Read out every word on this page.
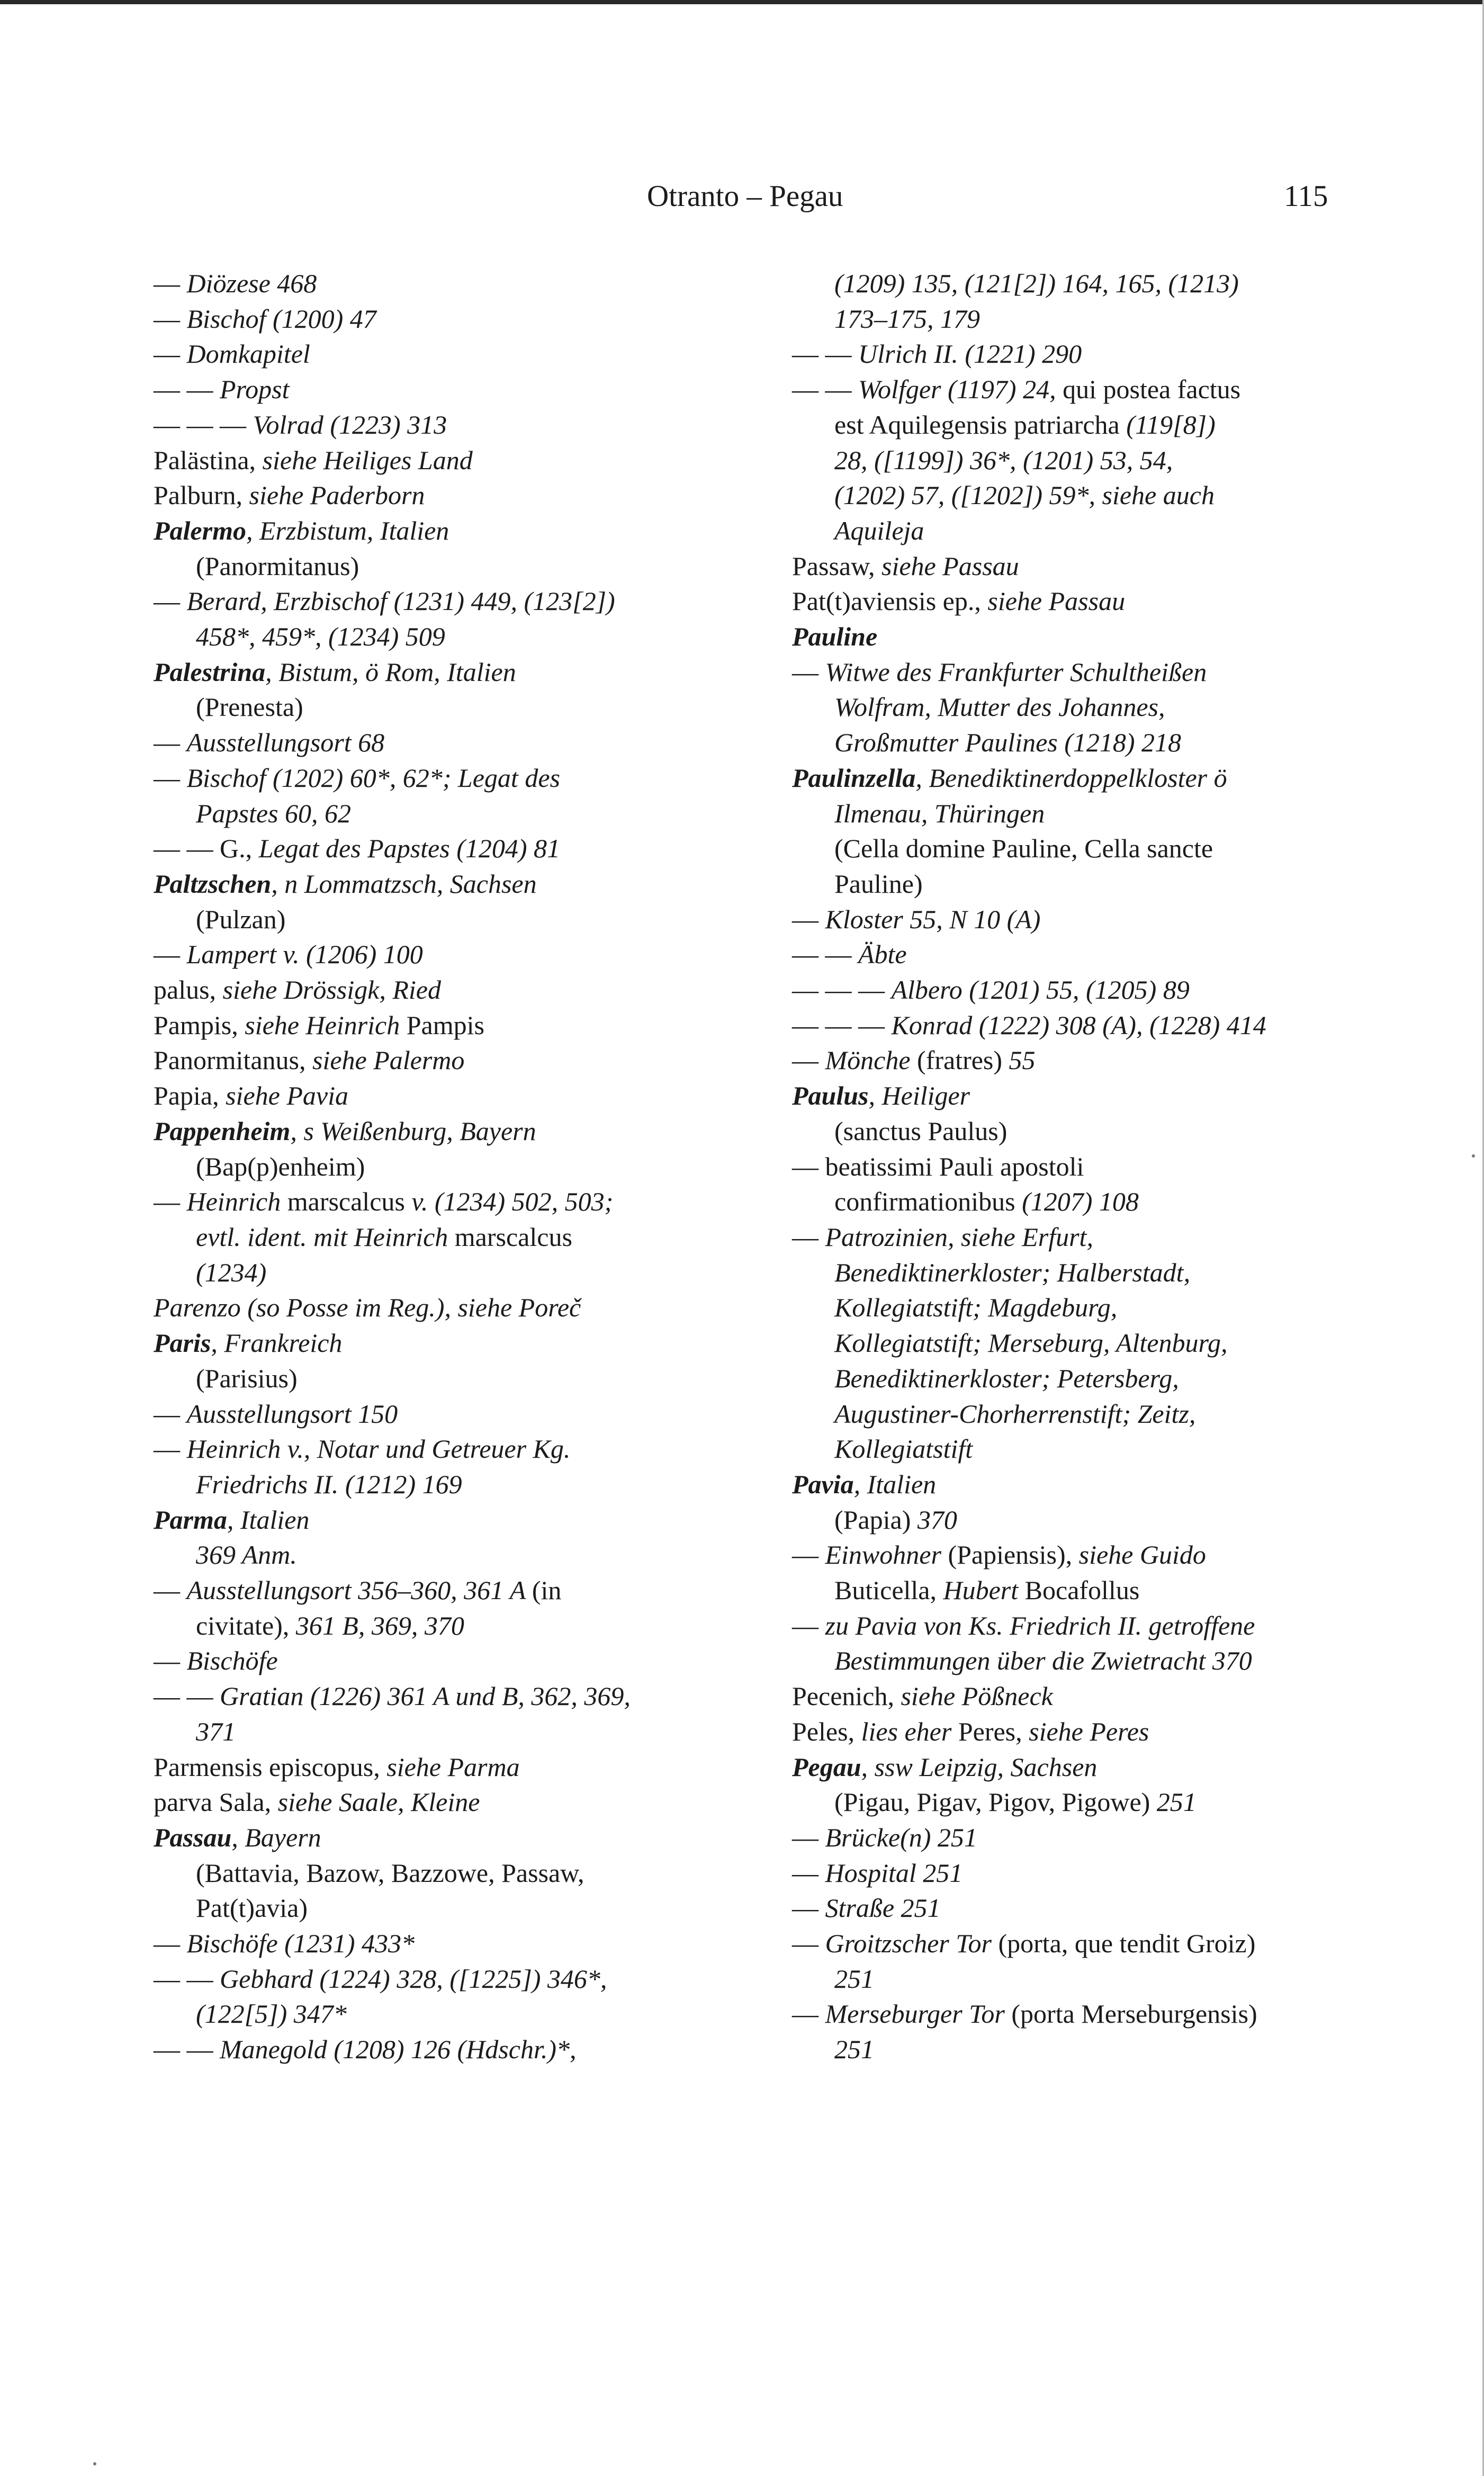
Otranto – Pegau	115
— Diözese 468
— Bischof (1200) 47
— Domkapitel
— — Propst
— — — Volrad (1223) 313
Palästina, siehe Heiliges Land
Palburn, siehe Paderborn
Palermo, Erzbistum, Italien
(Panormitanus)
— Berard, Erzbischof (1231) 449, (123[2])
458*, 459*, (1234) 509
Palestrina, Bistum, ö Rom, Italien
(Prenesta)
— Ausstellungsort 68
— Bischof (1202) 60*, 62*; Legat des
Papstes 60, 62
— — G., Legat des Papstes (1204) 81
Paltzschen, n Lommatzsch, Sachsen
(Pulzan)
— Lampert v. (1206) 100
palus, siehe Drössigk, Ried
Pampis, siehe Heinrich Pampis
Panormitanus, siehe Palermo
Papia, siehe Pavia
Pappenheim, s Weißenburg, Bayern
(Bap(p)enheim)
— Heinrich marscalcus v. (1234) 502, 503;
evtl. ident. mit Heinrich marscalcus
(1234)
Parenzo (so Posse im Reg.), siehe Poreč
Paris, Frankreich
(Parisius)
— Ausstellungsort 150
— Heinrich v., Notar und Getreuer Kg.
Friedrichs II. (1212) 169
Parma, Italien
369 Anm.
— Ausstellungsort 356–360, 361 A (in
civitate), 361 B, 369, 370
— Bischöfe
— — Gratian (1226) 361 A und B, 362, 369,
371
Parmensis episcopus, siehe Parma
parva Sala, siehe Saale, Kleine
Passau, Bayern
(Battavia, Bazow, Bazzowe, Passaw,
Pat(t)avia)
— Bischöfe (1231) 433*
— — Gebhard (1224) 328, ([1225]) 346*,
(122[5]) 347*
— — Manegold (1208) 126 (Hdschr.)*,
(1209) 135, (121[2]) 164, 165, (1213)
173–175, 179
— — Ulrich II. (1221) 290
— — Wolfger (1197) 24, qui postea factus
est Aquilegensis patriarcha (119[8])
28, ([1199]) 36*, (1201) 53, 54,
(1202) 57, ([1202]) 59*, siehe auch
Aquileja
Passaw, siehe Passau
Pat(t)aviensis ep., siehe Passau
Pauline
— Witwe des Frankfurter Schultheißen
Wolfram, Mutter des Johannes,
Großmutter Paulines (1218) 218
Paulinzella, Benediktinerdoppelkloster ö
Ilmenau, Thüringen
(Cella domine Pauline, Cella sancte
Pauline)
— Kloster 55, N 10 (A)
— — Äbte
— — — Albero (1201) 55, (1205) 89
— — — Konrad (1222) 308 (A), (1228) 414
— Mönche (fratres) 55
Paulus, Heiliger
(sanctus Paulus)
— beatissimi Pauli apostoli
confirmationibus (1207) 108
— Patrozinien, siehe Erfurt,
Benediktinerkloster; Halberstadt,
Kollegiatstift; Magdeburg,
Kollegiatstift; Merseburg, Altenburg,
Benediktinerkloster; Petersberg,
Augustiner-Chorherrenstift; Zeitz,
Kollegiatstift
Pavia, Italien
(Papia) 370
— Einwohner (Papiensis), siehe Guido
Buticella, Hubert Bocafollus
— zu Pavia von Ks. Friedrich II. getroffene
Bestimmungen über die Zwietracht 370
Pecenich, siehe Pößneck
Peles, lies eher Peres, siehe Peres
Pegau, ssw Leipzig, Sachsen
(Pigau, Pigav, Pigov, Pigowe) 251
— Brücke(n) 251
— Hospital 251
— Straße 251
— Groitzscher Tor (porta, que tendit Groiz)
251
— Merseburger Tor (porta Merseburgensis)
251
